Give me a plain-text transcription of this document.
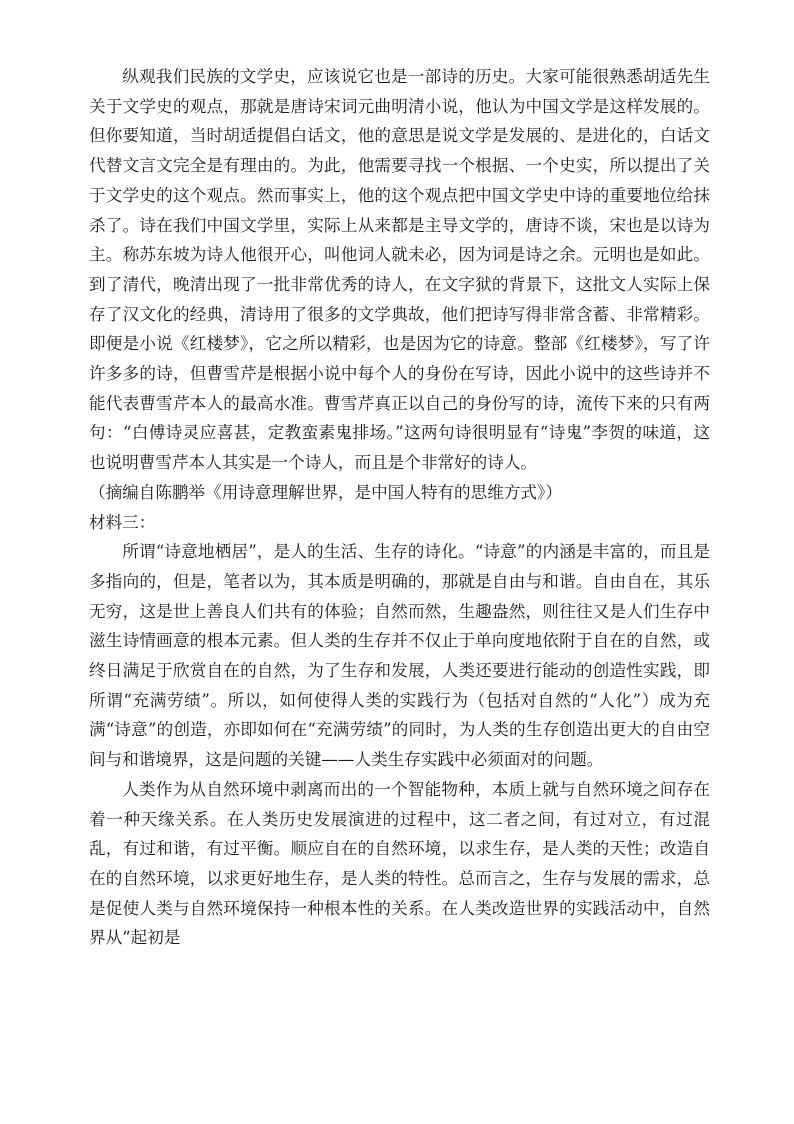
纵观我们民族的文学史，应该说它也是一部诗的历史。大家可能很熟悉胡适先生关于文学史的观点，那就是唐诗宋词元曲明清小说，他认为中国文学是这样发展的。但你要知道，当时胡适提倡白话文，他的意思是说文学是发展的、是进化的，白话文代替文言文完全是有理由的。为此，他需要寻找一个根据、一个史实，所以提出了关于文学史的这个观点。然而事实上，他的这个观点把中国文学史中诗的重要地位给抹杀了。诗在我们中国文学里，实际上从来都是主导文学的，唐诗不谈，宋也是以诗为主。称苏东坡为诗人他很开心，叫他词人就未必，因为词是诗之余。元明也是如此。到了清代，晚清出现了一批非常优秀的诗人，在文字狱的背景下，这批文人实际上保存了汉文化的经典，清诗用了很多的文学典故，他们把诗写得非常含蓄、非常精彩。即便是小说《红楼梦》，它之所以精彩，也是因为它的诗意。整部《红楼梦》，写了许许多多的诗，但曹雪芹是根据小说中每个人的身份在写诗，因此小说中的这些诗并不能代表曹雪芹本人的最高水准。曹雪芹真正以自己的身份写的诗，流传下来的只有两句：“白傅诗灵应喜甚，定教蛮素鬼排场。”这两句诗很明显有“诗鬼”李贺的味道，这也说明曹雪芹本人其实是一个诗人，而且是个非常好的诗人。

（摘编自陈鹏举《用诗意理解世界，是中国人特有的思维方式》）

材料三：

所谓“诗意地栖居”，是人的生活、生存的诗化。“诗意”的内涵是丰富的，而且是多指向的，但是，笔者以为，其本质是明确的，那就是自由与和谐。自由自在，其乐无穷，这是世上善良人们共有的体验；自然而然，生趣盎然，则往往又是人们生存中滋生诗情画意的根本元素。但人类的生存并不仅止于单向度地依附于自在的自然，或终日满足于欣赏自在的自然，为了生存和发展，人类还要进行能动的创造性实践，即所谓“充满劳绩”。所以，如何使得人类的实践行为（包括对自然的“人化”）成为充满“诗意”的创造，亦即如何在“充满劳绩”的同时，为人类的生存创造出更大的自由空间与和谐境界，这是问题的关键——人类生存实践中必须面对的问题。

人类作为从自然环境中剥离而出的一个智能物种，本质上就与自然环境之间存在着一种天缘关系。在人类历史发展演进的过程中，这二者之间，有过对立，有过混乱，有过和谐，有过平衡。顺应自在的自然环境，以求生存，是人类的天性；改造自在的自然环境，以求更好地生存，是人类的特性。总而言之，生存与发展的需求，总是促使人类与自然环境保持一种根本性的关系。在人类改造世界的实践活动中，自然界从“起初是
